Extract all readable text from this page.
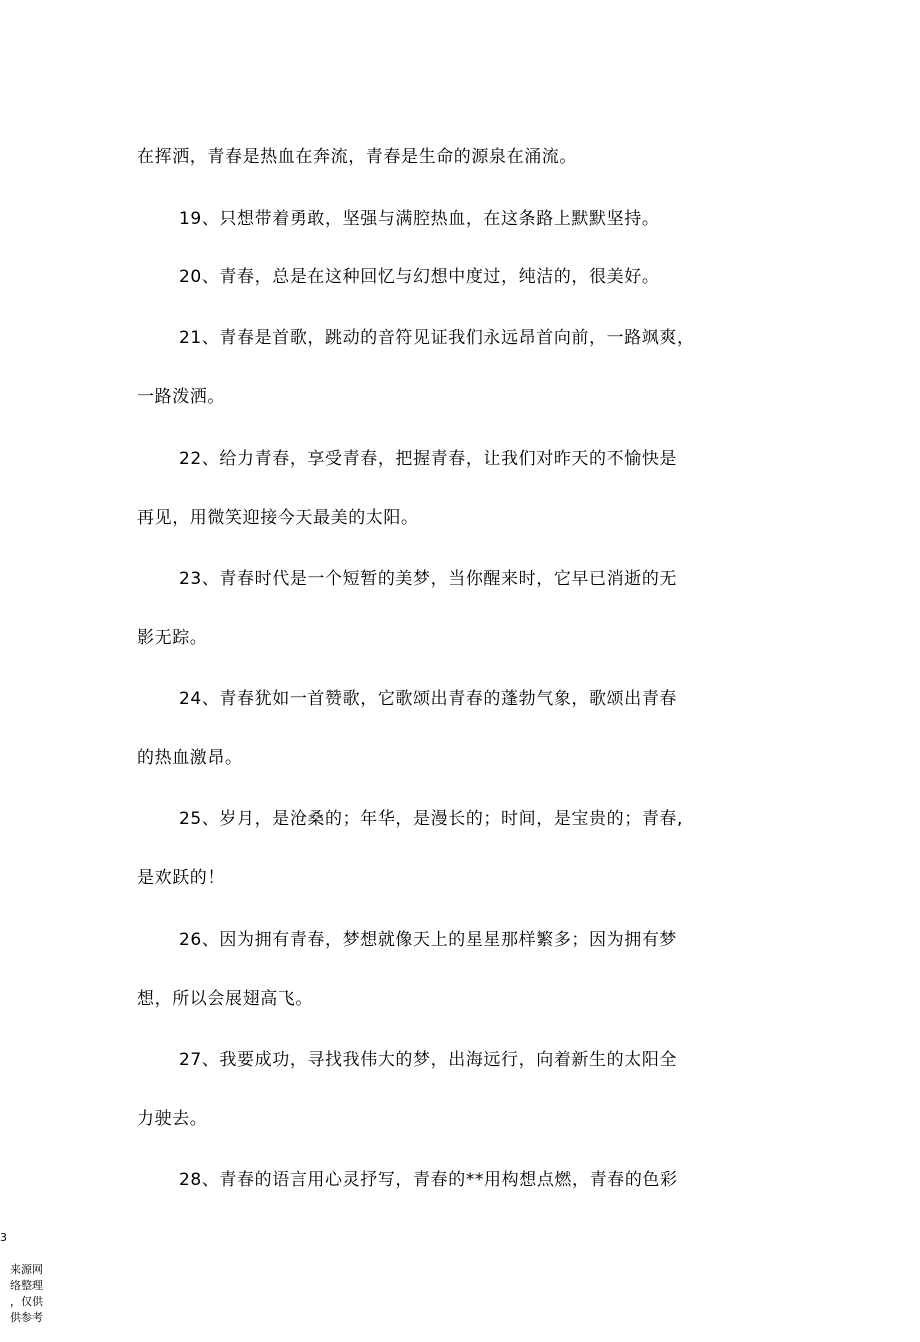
在挥洒，青春是热血在奔流，青春是生命的源泉在涌流。
19、只想带着勇敢，坚强与满腔热血，在这条路上默默坚持。
20、青春，总是在这种回忆与幻想中度过，纯洁的，很美好。
21、青春是首歌，跳动的音符见证我们永远昂首向前，一路飒爽，
一路泼洒。
22、给力青春，享受青春，把握青春，让我们对昨天的不愉快是
再见，用微笑迎接今天最美的太阳。
23、青春时代是一个短暂的美梦，当你醒来时，它早已消逝的无
影无踪。
24、青春犹如一首赞歌，它歌颂出青春的蓬勃气象，歌颂出青春
的热血激昂。
25、岁月，是沧桑的；年华，是漫长的；时间，是宝贵的；青春,
是欢跃的！
26、因为拥有青春，梦想就像天上的星星那样繁多；因为拥有梦
想，所以会展翅高飞。
27、我要成功，寻找我伟大的梦，出海远行，向着新生的太阳全
力驶去。
28、青春的语言用心灵抒写，青春的**用构想点燃，青春的色彩

3

来源网
络整理
，仅供
供参考
